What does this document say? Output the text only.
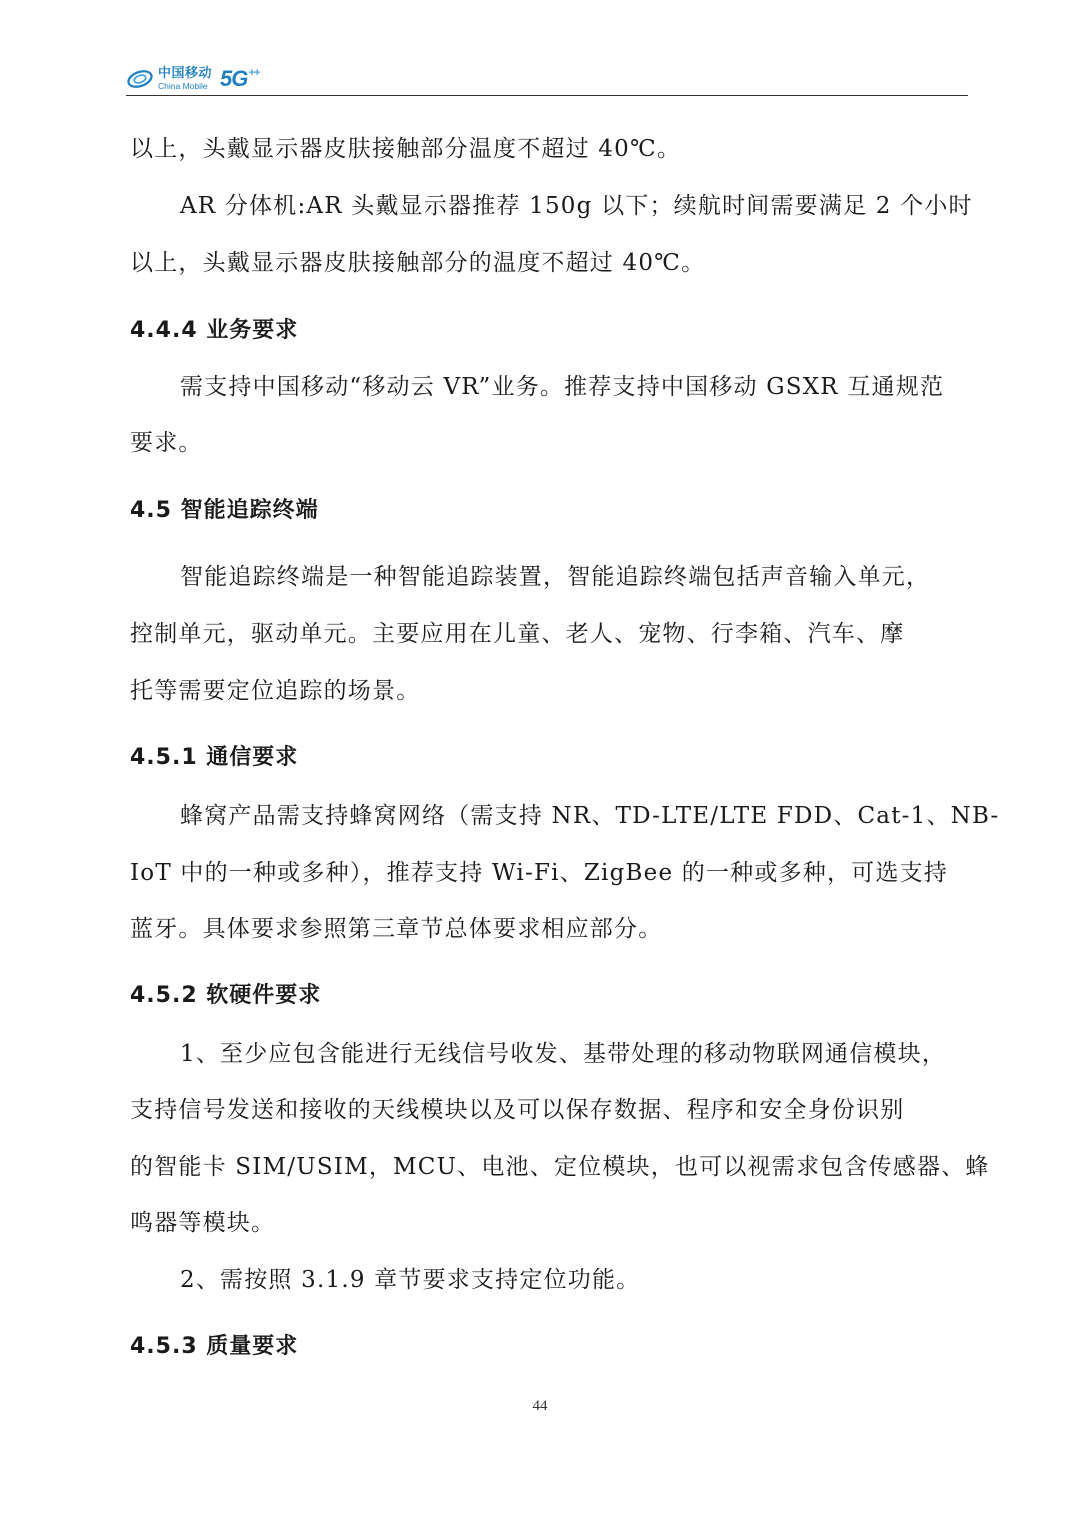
中国移动
China Mobile 5G++
以上，头戴显示器皮肤接触部分温度不超过 40℃。
AR 分体机:AR 头戴显示器推荐 150g 以下；续航时间需要满足 2 个小时
以上，头戴显示器皮肤接触部分的温度不超过 40℃。
4.4.4 业务要求
需支持中国移动“移动云 VR”业务。推荐支持中国移动 GSXR 互通规范
要求。
4.5 智能追踪终端
智能追踪终端是一种智能追踪装置，智能追踪终端包括声音输入单元，
控制单元，驱动单元。主要应用在儿童、老人、宠物、行李箱、汽车、摩
托等需要定位追踪的场景。
4.5.1 通信要求
蜂窝产品需支持蜂窝网络（需支持 NR、TD-LTE/LTE FDD、Cat-1、NB-
IoT 中的一种或多种），推荐支持 Wi-Fi、ZigBee 的一种或多种，可选支持
蓝牙。具体要求参照第三章节总体要求相应部分。
4.5.2 软硬件要求
1、至少应包含能进行无线信号收发、基带处理的移动物联网通信模块，
支持信号发送和接收的天线模块以及可以保存数据、程序和安全身份识别
的智能卡 SIM/USIM，MCU、电池、定位模块，也可以视需求包含传感器、蜂
鸣器等模块。
2、需按照 3.1.9 章节要求支持定位功能。
4.5.3 质量要求
44
